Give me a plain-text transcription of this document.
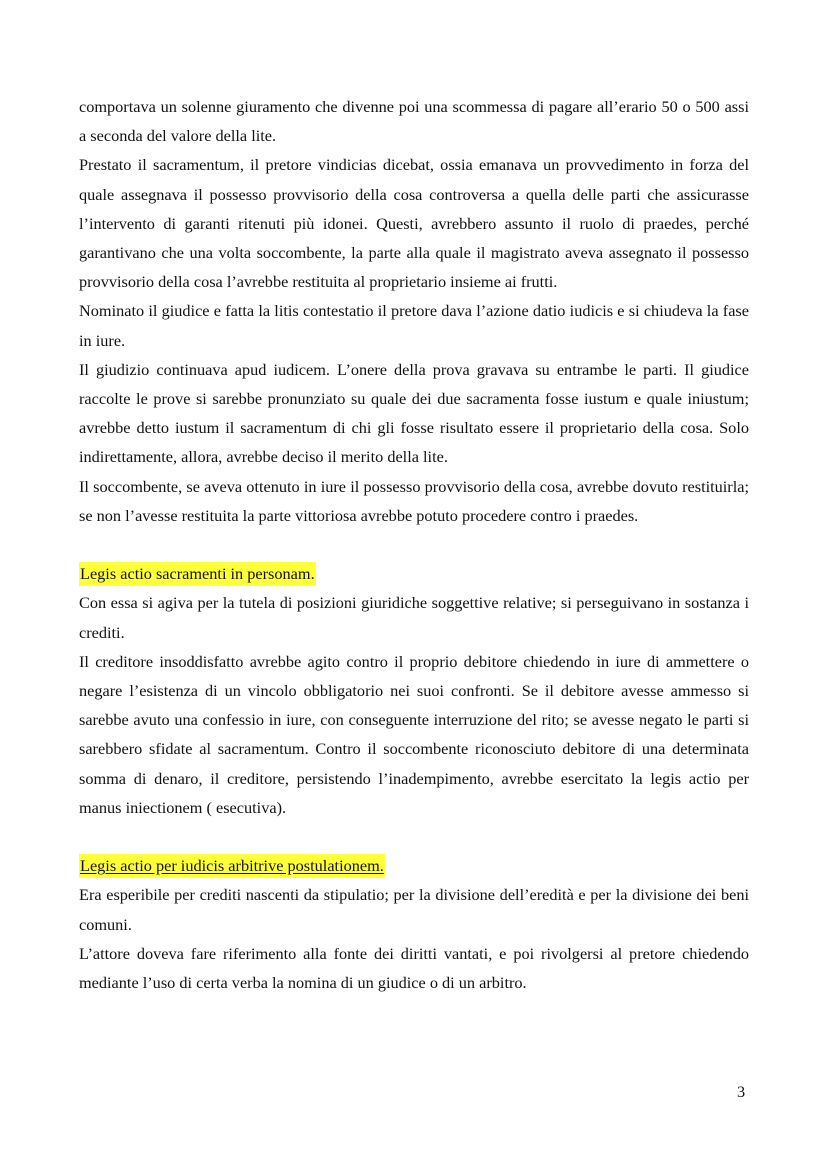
comportava un solenne giuramento che divenne poi una scommessa di pagare all’erario 50 o 500 assi a seconda del valore della lite.

Prestato il sacramentum, il pretore vindicias dicebat, ossia emanava un provvedimento in forza del quale assegnava il possesso provvisorio della cosa controversa a quella delle parti che assicurasse l’intervento di garanti ritenuti più idonei. Questi, avrebbero assunto il ruolo di praedes, perché garantivano che una volta soccombente, la parte alla quale il magistrato aveva assegnato il possesso provvisorio della cosa l’avrebbe restituita al proprietario insieme ai frutti.

Nominato il giudice e fatta la litis contestatio il pretore dava l’azione datio iudicis e si chiudeva la fase in iure.

Il giudizio continuava apud iudicem. L’onere della prova gravava su entrambe le parti. Il giudice raccolte le prove si sarebbe pronunziato su quale dei due sacramenta fosse iustum e quale iniustum; avrebbe detto iustum il sacramentum di chi gli fosse risultato essere il proprietario della cosa. Solo indirettamente, allora, avrebbe deciso il merito della lite.

Il soccombente, se aveva ottenuto in iure il possesso provvisorio della cosa, avrebbe dovuto restituirla; se non l’avesse restituita la parte vittoriosa avrebbe potuto procedere contro i praedes.

Legis actio sacramenti in personam.

Con essa si agiva per la tutela di posizioni giuridiche soggettive relative; si perseguivano in sostanza i crediti.

Il creditore insoddisfatto avrebbe agito contro il proprio debitore chiedendo in iure di ammettere o negare l’esistenza di un vincolo obbligatorio nei suoi confronti. Se il debitore avesse ammesso si sarebbe avuto una confessio in iure, con conseguente interruzione del rito; se avesse negato le parti si sarebbero sfidate al sacramentum. Contro il soccombente riconosciuto debitore di una determinata somma di denaro, il creditore, persistendo l’inadempimento, avrebbe esercitato la legis actio per manus iniectionem ( esecutiva).

Legis actio per iudicis arbitrive postulationem.

Era esperibile per crediti nascenti da stipulatio; per la divisione dell’eredità e per la divisione dei beni comuni.

L’attore doveva fare riferimento alla fonte dei diritti vantati, e poi rivolgersi al pretore chiedendo mediante l’uso di certa verba la nomina di un giudice o di un arbitro.

3
